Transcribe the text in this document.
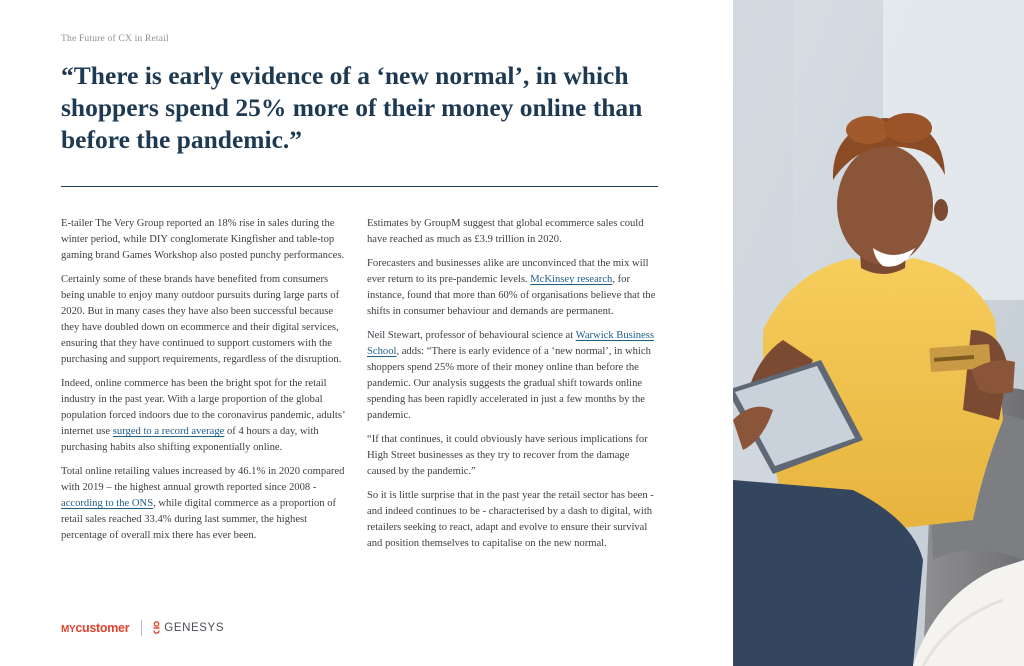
The Future of CX in Retail
“There is early evidence of a ‘new normal’, in which shoppers spend 25% more of their money online than before the pandemic.”

E-tailer The Very Group reported an 18% rise in sales during the winter period, while DIY conglomerate Kingfisher and table-top gaming brand Games Workshop also posted punchy performances.

Certainly some of these brands have benefited from consumers being unable to enjoy many outdoor pursuits during large parts of 2020. But in many cases they have also been successful because they have doubled down on ecommerce and their digital services, ensuring that they have continued to support customers with the purchasing and support requirements, regardless of the disruption.

Indeed, online commerce has been the bright spot for the retail industry in the past year. With a large proportion of the global population forced indoors due to the coronavirus pandemic, adults’ internet use surged to a record average of 4 hours a day, with purchasing habits also shifting exponentially online.

Total online retailing values increased by 46.1% in 2020 compared with 2019 – the highest annual growth reported since 2008 - according to the ONS, while digital commerce as a proportion of retail sales reached 33.4% during last summer, the highest percentage of overall mix there has ever been.

Estimates by GroupM suggest that global ecommerce sales could have reached as much as £3.9 trillion in 2020.

Forecasters and businesses alike are unconvinced that the mix will ever return to its pre-pandemic levels. McKinsey research, for instance, found that more than 60% of organisations believe that the shifts in consumer behaviour and demands are permanent.

Neil Stewart, professor of behavioural science at Warwick Business School, adds: “There is early evidence of a ‘new normal’, in which shoppers spend 25% more of their money online than before the pandemic. Our analysis suggests the gradual shift towards online spending has been rapidly accelerated in just a few months by the pandemic.

“If that continues, it could obviously have serious implications for High Street businesses as they try to recover from the damage caused by the pandemic.”

So it is little surprise that in the past year the retail sector has been - and indeed continues to be - characterised by a dash to digital, with retailers seeking to react, adapt and evolve to ensure their survival and position themselves to capitalise on the new normal.

MY customer	GENESYS
